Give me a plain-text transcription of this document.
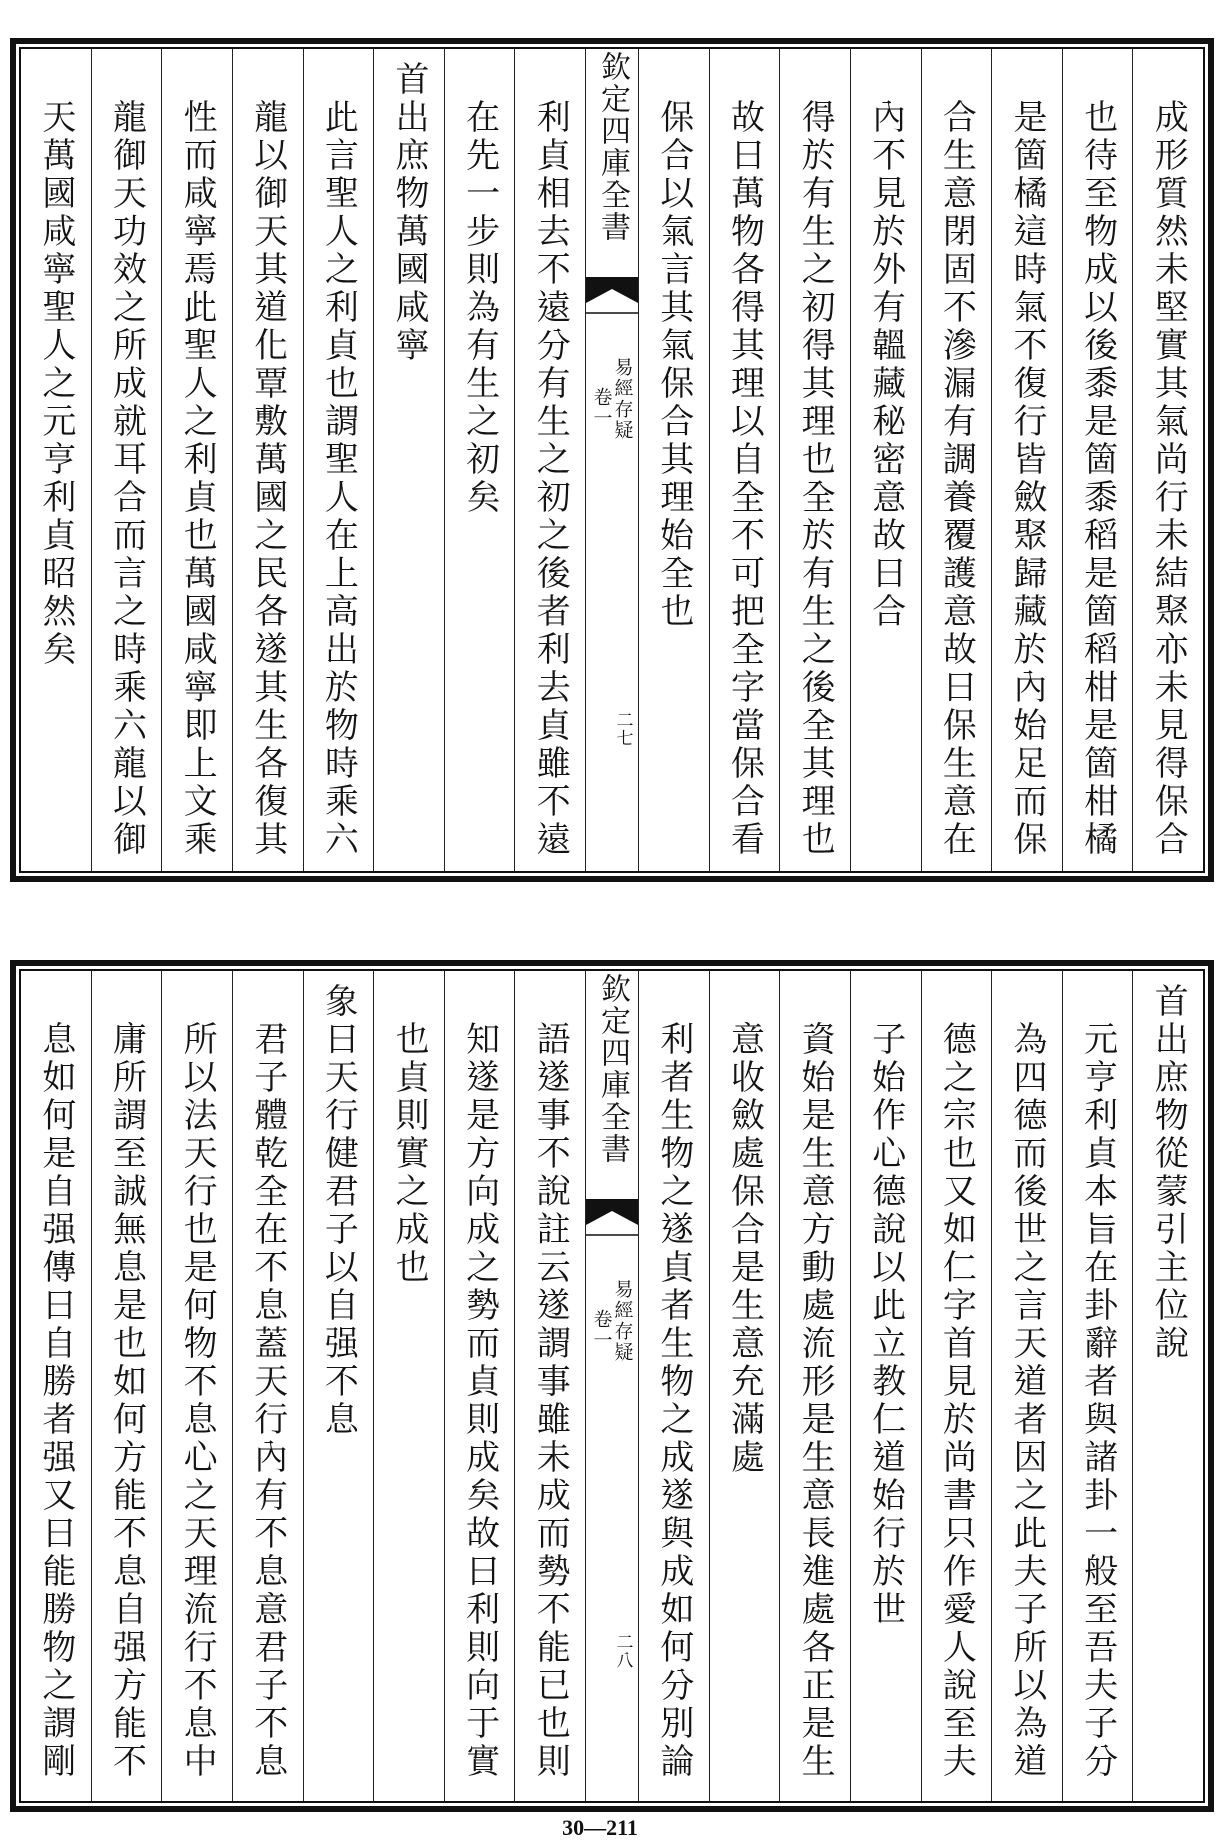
成形質然未堅實其氣尚行未結聚亦未見得保合
也待至物成以後黍是箇黍稻是箇稻柑是箇柑橘
是箇橘這時氣不復行皆斂聚歸藏於內始足而保
合生意閉固不滲漏有調養覆護意故曰保生意在
內不見於外有韞藏秘密意故曰合
得於有生之初得其理也全於有生之後全其理也
故曰萬物各得其理以自全不可把全字當保合看
保合以氣言其氣保合其理始全也
欽定四庫全書
易經存疑
卷一
二七
利貞相去不遠分有生之初之後者利去貞雖不遠
在先一步則為有生之初矣
首出庶物萬國咸寧
此言聖人之利貞也謂聖人在上高出於物時乘六
龍以御天其道化覃敷萬國之民各遂其生各復其
性而咸寧焉此聖人之利貞也萬國咸寧即上文乘
龍御天功效之所成就耳合而言之時乘六龍以御
天萬國咸寧聖人之元亨利貞昭然矣
首出庶物從蒙引主位說
元亨利貞本旨在卦辭者與諸卦一般至吾夫子分
為四德而後世之言天道者因之此夫子所以為道
德之宗也又如仁字首見於尚書只作愛人說至夫
子始作心德說以此立教仁道始行於世
資始是生意方動處流形是生意長進處各正是生
意收斂處保合是生意充滿處
利者生物之遂貞者生物之成遂與成如何分別論
欽定四庫全書
易經存疑
卷一
二八
語遂事不說註云遂謂事雖未成而勢不能已也則
知遂是方向成之勢而貞則成矣故曰利則向于實
也貞則實之成也
象曰天行健君子以自强不息
君子體乾全在不息蓋天行內有不息意君子不息
所以法天行也是何物不息心之天理流行不息中
庸所謂至誠無息是也如何方能不息自强方能不
息如何是自强傳曰自勝者强又曰能勝物之謂剛
30—211
